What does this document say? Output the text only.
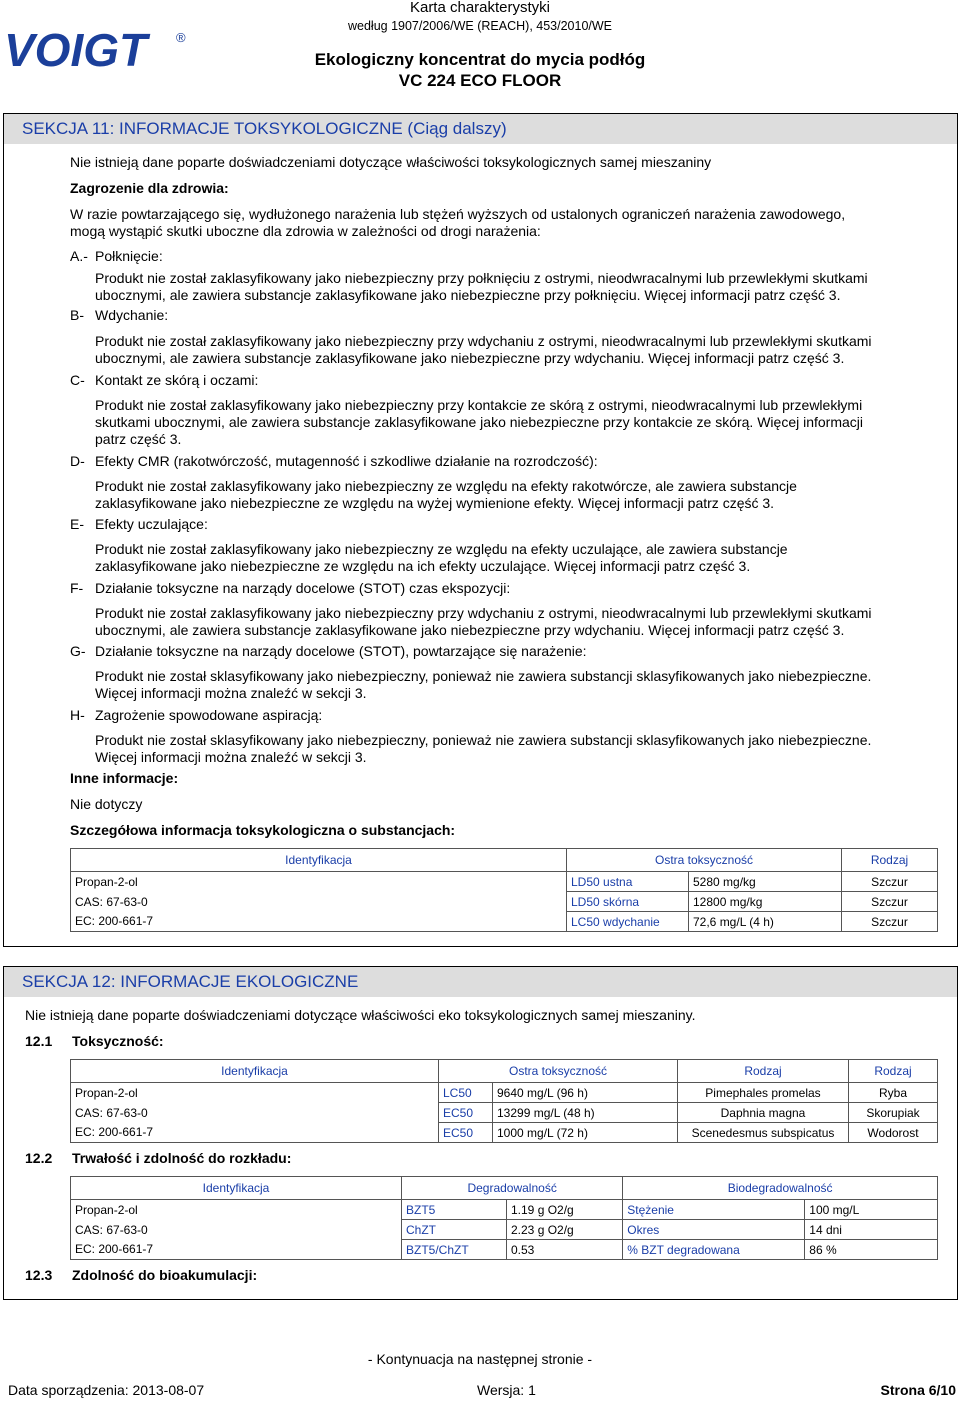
VOIGT ®
Karta charakterystyki
według 1907/2006/WE (REACH), 453/2010/WE
Ekologiczny koncentrat do mycia podłóg
VC 224 ECO FLOOR
SEKCJA 11: INFORMACJE TOKSYKOLOGICZNE (Ciąg dalszy)
Nie istnieją dane poparte doświadczeniami dotyczące właściwości toksykologicznych samej mieszaniny
Zagrozenie dla zdrowia:
W razie powtarzającego się, wydłużonego narażenia lub stężeń wyższych od ustalonych ograniczeń narażenia zawodowego,
mogą wystąpić skutki uboczne dla zdrowia w zależności od drogi narażenia:
A.- Połknięcie:
Produkt nie został zaklasyfikowany jako niebezpieczny przy połknięciu z ostrymi, nieodwracalnymi lub przewlekłymi skutkami
ubocznymi, ale zawiera substancje zaklasyfikowane jako niebezpieczne przy połknięciu. Więcej informacji patrz część 3.
B- Wdychanie:
Produkt nie został zaklasyfikowany jako niebezpieczny przy wdychaniu z ostrymi, nieodwracalnymi lub przewlekłymi skutkami
ubocznymi, ale zawiera substancje zaklasyfikowane jako niebezpieczne przy wdychaniu. Więcej informacji patrz część 3.
C- Kontakt ze skórą i oczami:
Produkt nie został zaklasyfikowany jako niebezpieczny przy kontakcie ze skórą z ostrymi, nieodwracalnymi lub przewlekłymi
skutkami ubocznymi, ale zawiera substancje zaklasyfikowane jako niebezpieczne przy kontakcie ze skórą. Więcej informacji
patrz część 3.
D- Efekty CMR (rakotwórczość, mutagenność i szkodliwe działanie na rozrodczość):
Produkt nie został zaklasyfikowany jako niebezpieczny ze względu na efekty rakotwórcze, ale zawiera substancje
zaklasyfikowane jako niebezpieczne ze względu na wyżej wymienione efekty. Więcej informacji patrz część 3.
E- Efekty uczulające:
Produkt nie został zaklasyfikowany jako niebezpieczny ze względu na efekty uczulające, ale zawiera substancje
zaklasyfikowane jako niebezpieczne ze względu na ich efekty uczulające. Więcej informacji patrz część 3.
F- Działanie toksyczne na narządy docelowe (STOT) czas ekspozycji:
Produkt nie został zaklasyfikowany jako niebezpieczny przy wdychaniu z ostrymi, nieodwracalnymi lub przewlekłymi skutkami
ubocznymi, ale zawiera substancje zaklasyfikowane jako niebezpieczne przy wdychaniu. Więcej informacji patrz część 3.
G- Działanie toksyczne na narządy docelowe (STOT), powtarzające się narażenie:
Produkt nie został sklasyfikowany jako niebezpieczny, ponieważ nie zawiera substancji sklasyfikowanych jako niebezpieczne.
Więcej informacji można znaleźć w sekcji 3.
H- Zagrożenie spowodowane aspiracją:
Produkt nie został sklasyfikowany jako niebezpieczny, ponieważ nie zawiera substancji sklasyfikowanych jako niebezpieczne.
Więcej informacji można znaleźć w sekcji 3.
Inne informacje:
Nie dotyczy
Szczegółowa informacja toksykologiczna o substancjach:
Identyfikacja	Ostra toksyczność		Rodzaj
Propan-2-ol	LD50 ustna	5280 mg/kg	Szczur
CAS: 67-63-0	LD50 skórna	12800 mg/kg	Szczur
EC: 200-661-7	LC50 wdychanie	72,6 mg/L (4 h)	Szczur
SEKCJA 12: INFORMACJE EKOLOGICZNE
Nie istnieją dane poparte doświadczeniami dotyczące właściwości eko toksykologicznych samej mieszaniny.
12.1 Toksyczność:
Identyfikacja	Ostra toksyczność		Rodzaj	Rodzaj
Propan-2-ol	LC50	9640 mg/L (96 h)	Pimephales promelas	Ryba
CAS: 67-63-0	EC50	13299 mg/L (48 h)	Daphnia magna	Skorupiak
EC: 200-661-7	EC50	1000 mg/L (72 h)	Scenedesmus subspicatus	Wodorost
12.2 Trwałość i zdolność do rozkładu:
Identyfikacja	Degradowalność		Biodegradowalność	
Propan-2-ol	BZT5	1.19 g O2/g	Stężenie	100 mg/L
CAS: 67-63-0	ChZT	2.23 g O2/g	Okres	14 dni
EC: 200-661-7	BZT5/ChZT	0.53	% BZT degradowana	86 %
12.3 Zdolność do bioakumulacji:
- Kontynuacja na następnej stronie -
Data sporządzenia: 2013-08-07	Wersja: 1	Strona 6/10
